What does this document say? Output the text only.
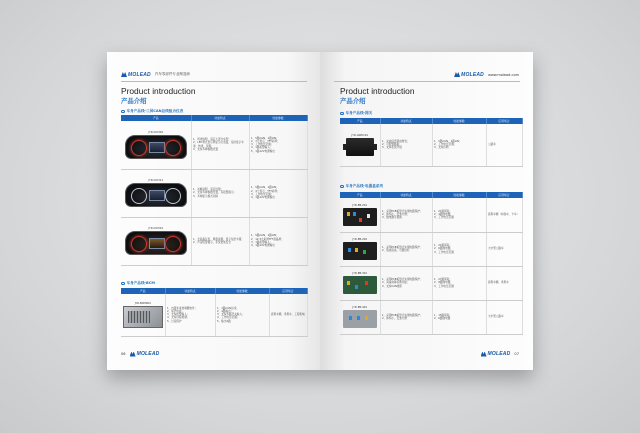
MOLEAD 汽车零部件专业制造商
Product introduction
产品介绍
车身产品线-三屏CAN总线组合仪表
产品	功能特点	性能参数

JYD-ICU302	1、用途说明，适应大部分车型；
2、LED背光显示屏显示仪表盘，指针显示车速、转速、里程；
3、支持多种参数设置	1、5路CAN、1路LIN；
2、7寸显示，TFT彩屏；
3、工作电压范围；
4、1路报警输入；
5、1路12V电源输出

JYD-ICU311	1、省略说明，适应性强；
2、支持多种参数设置，有报警提示；
3、多种显示模式切换	1、5路CAN、1路LIN；
2、4个显示，TFT彩屏；
3、工作电压范围；
4、1路12V电源输出

JYD-ICU501	1、全液晶仪表，界面美观，显示信息丰富；
2、声音报警提示，系统更加安全	1、5路CAN、1路LIN；
2、12.3寸彩屏TFT液晶屏；
3、1路报警输入；
4、1路12V电源输出
车身产品线-BCM
产品	功能特点	性能参数	应用场合

JYD-BCM004	1、内置车身控制器软件；
2、保护功能；
3、支持报警输入；
4、支持远程控制；
5、过流保护	1、1路CAN总线；
2、4路输出；
3、支持多路开关输入；
4、工作电压范围；
5、输出4路	商用车辆、乘用车、工程机械
06 MOLEAD
MOLEAD www.molead.com
Product introduction
产品介绍
车身产品线-网关
产品	功能特点	性能参数	应用场合

JYD-GW0101	1、完成信息路由转发；
2、可配置路由；
3、支持在线升级	1、5路CAN、1路LIN；
2、工作电压范围；
3、支持诊断	公路车
车身产品线-电器盒系列
产品	功能特点	性能参数	应用场合

JYD-EB-201	1、采用PCB板形式实现电路保护；
2、体积小，安装方便；
3、继电器可更换	1、21路保险；
2、4路继电器；
3、工作电压范围	商用车辆（如客车、卡车）

JYD-EB-202	1、采用PCB板形式实现电路保护；
2、集成度高，可靠性好	1、21路保险；
2、6路继电器；
3、工作电压范围	大中型公路车

JYD-EB-301	1、采用PCB板形式实现电路保护；
2、具备故障诊断功能；
3、支持CAN通讯	1、27路保险；
2、8路继电器；
3、工作电压范围	商用车辆、乘用车

JYD-EB-401	1、采用PCB板形式实现电路保护；
2、体积小，安装方便	1、15路保险；
2、6路继电器	大中型公路车
MOLEAD 07
